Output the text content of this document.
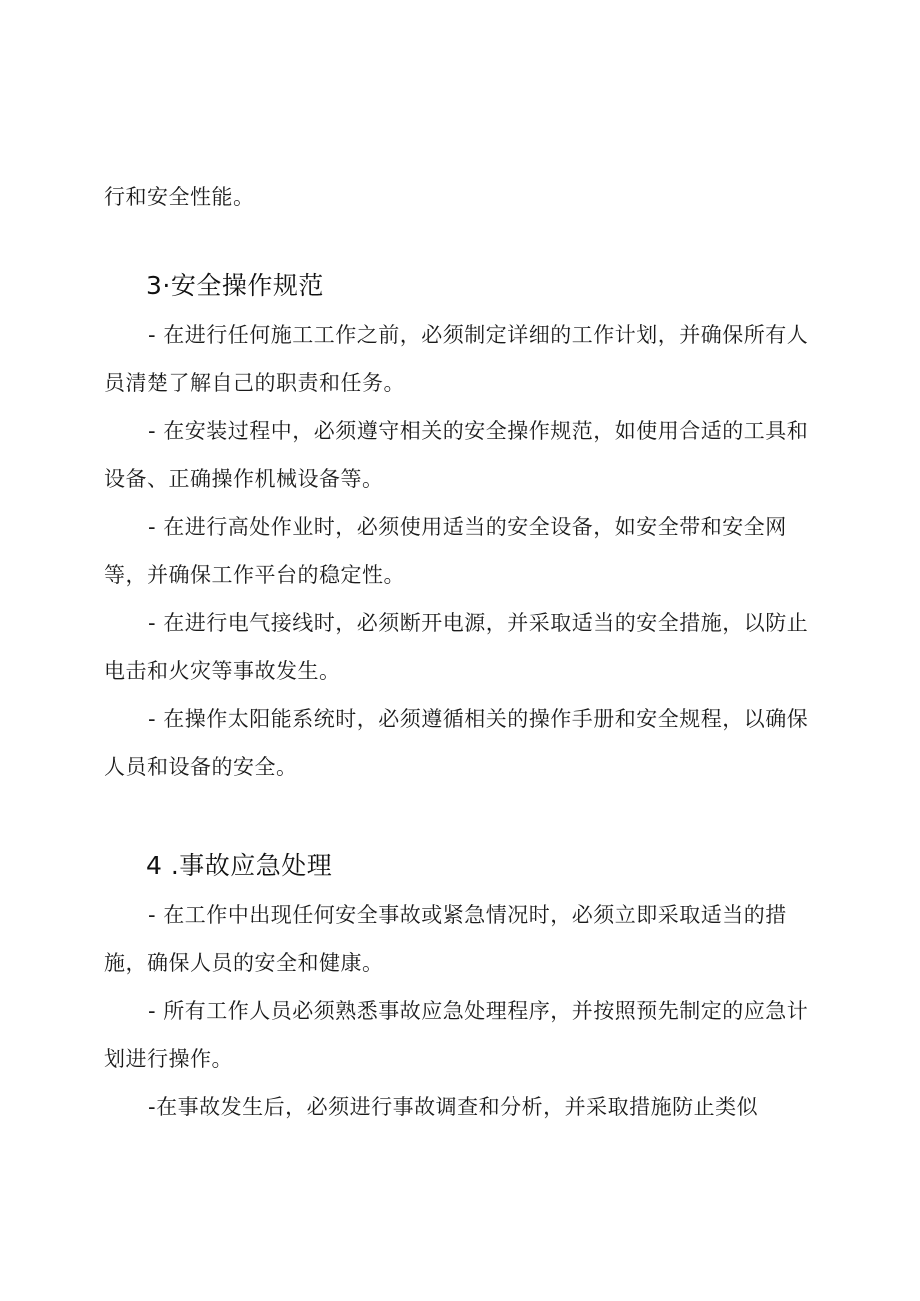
行和安全性能。

3·安全操作规范

- 在进行任何施工工作之前，必须制定详细的工作计划，并确保所有人员清楚了解自己的职责和任务。

- 在安装过程中，必须遵守相关的安全操作规范，如使用合适的工具和设备、正确操作机械设备等。

- 在进行高处作业时，必须使用适当的安全设备，如安全带和安全网等，并确保工作平台的稳定性。

- 在进行电气接线时，必须断开电源，并采取适当的安全措施，以防止电击和火灾等事故发生。

- 在操作太阳能系统时，必须遵循相关的操作手册和安全规程，以确保人员和设备的安全。

4 .事故应急处理

- 在工作中出现任何安全事故或紧急情况时，必须立即采取适当的措施，确保人员的安全和健康。

- 所有工作人员必须熟悉事故应急处理程序，并按照预先制定的应急计划进行操作。

-在事故发生后，必须进行事故调查和分析，并采取措施防止类似
